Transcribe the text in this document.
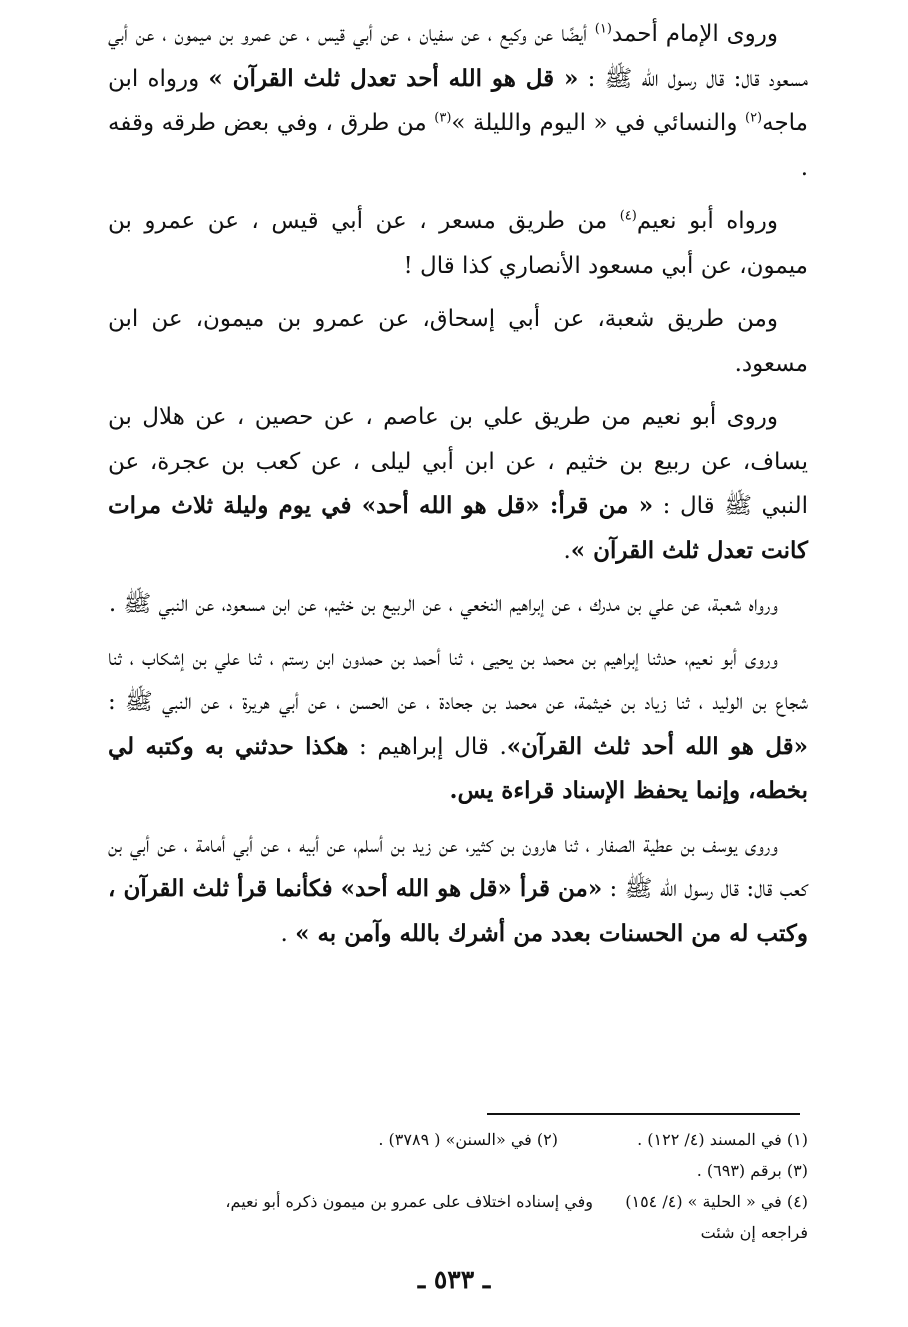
وروى الإمام أحمد$^{(١)}$ أيضًا عن وكيع ، عن سفيان ، عن أبي قيس ، عن عمرو بن ميمون ، عن أبي مسعود قال: قال رسول الله ﷺ : « قل هو الله أحد تعدل ثلث القرآن » ورواه ابن ماجه$^{(٢)}$ والنسائي في « اليوم والليلة »$^{(٣)}$ من طرق ، وفي بعض طرقه وقفه .

ورواه أبو نعيم$^{(٤)}$ من طريق مسعر ، عن أبي قيس ، عن عمرو بن ميمون، عن أبي مسعود الأنصاري كذا قال !

ومن طريق شعبة، عن أبي إسحاق، عن عمرو بن ميمون، عن ابن مسعود.

وروى أبو نعيم من طريق علي بن عاصم ، عن حصين ، عن هلال بن يساف، عن ربيع بن خثيم ، عن ابن أبي ليلى ، عن كعب بن عجرة، عن النبي ﷺ قال : « من قرأ: «قل هو الله أحد» في يوم وليلة ثلاث مرات كانت تعدل ثلث القرآن ».

ورواه شعبة، عن علي بن مدرك ، عن إبراهيم النخعي ، عن الربيع بن خثيم، عن ابن مسعود، عن النبي ﷺ .

وروى أبو نعيم، حدثنا إبراهيم بن محمد بن يحيى ، ثنا أحمد بن حمدون ابن رستم ، ثنا علي بن إشكاب ، ثنا شجاع بن الوليد ، ثنا زياد بن خيثمة، عن محمد بن جحادة ، عن الحسن ، عن أبي هريرة ، عن النبي ﷺ : «قل هو الله أحد ثلث القرآن». قال إبراهيم : هكذا حدثني به وكتبه لي بخطه، وإنما يحفظ الإسناد قراءة يس.

وروى يوسف بن عطية الصفار ، ثنا هارون بن كثير، عن زيد بن أسلم، عن أبيه ، عن أبي أمامة ، عن أبي بن كعب قال: قال رسول الله ﷺ : «من قرأ «قل هو الله أحد» فكأنما قرأ ثلث القرآن ، وكتب له من الحسنات بعدد من أشرك بالله وآمن به » .

(١) في المسند (٤/ ١٢٢) .
(٢) في «السنن» ( ٣٧٨٩) .
(٣) برقم (٦٩٣) .
(٤) في « الحلية » (٤/ ١٥٤)
وفي إسناده اختلاف على عمرو بن ميمون ذكره أبو نعيم،
فراجعه إن شئت
ـ ٥٣٣ ـ
